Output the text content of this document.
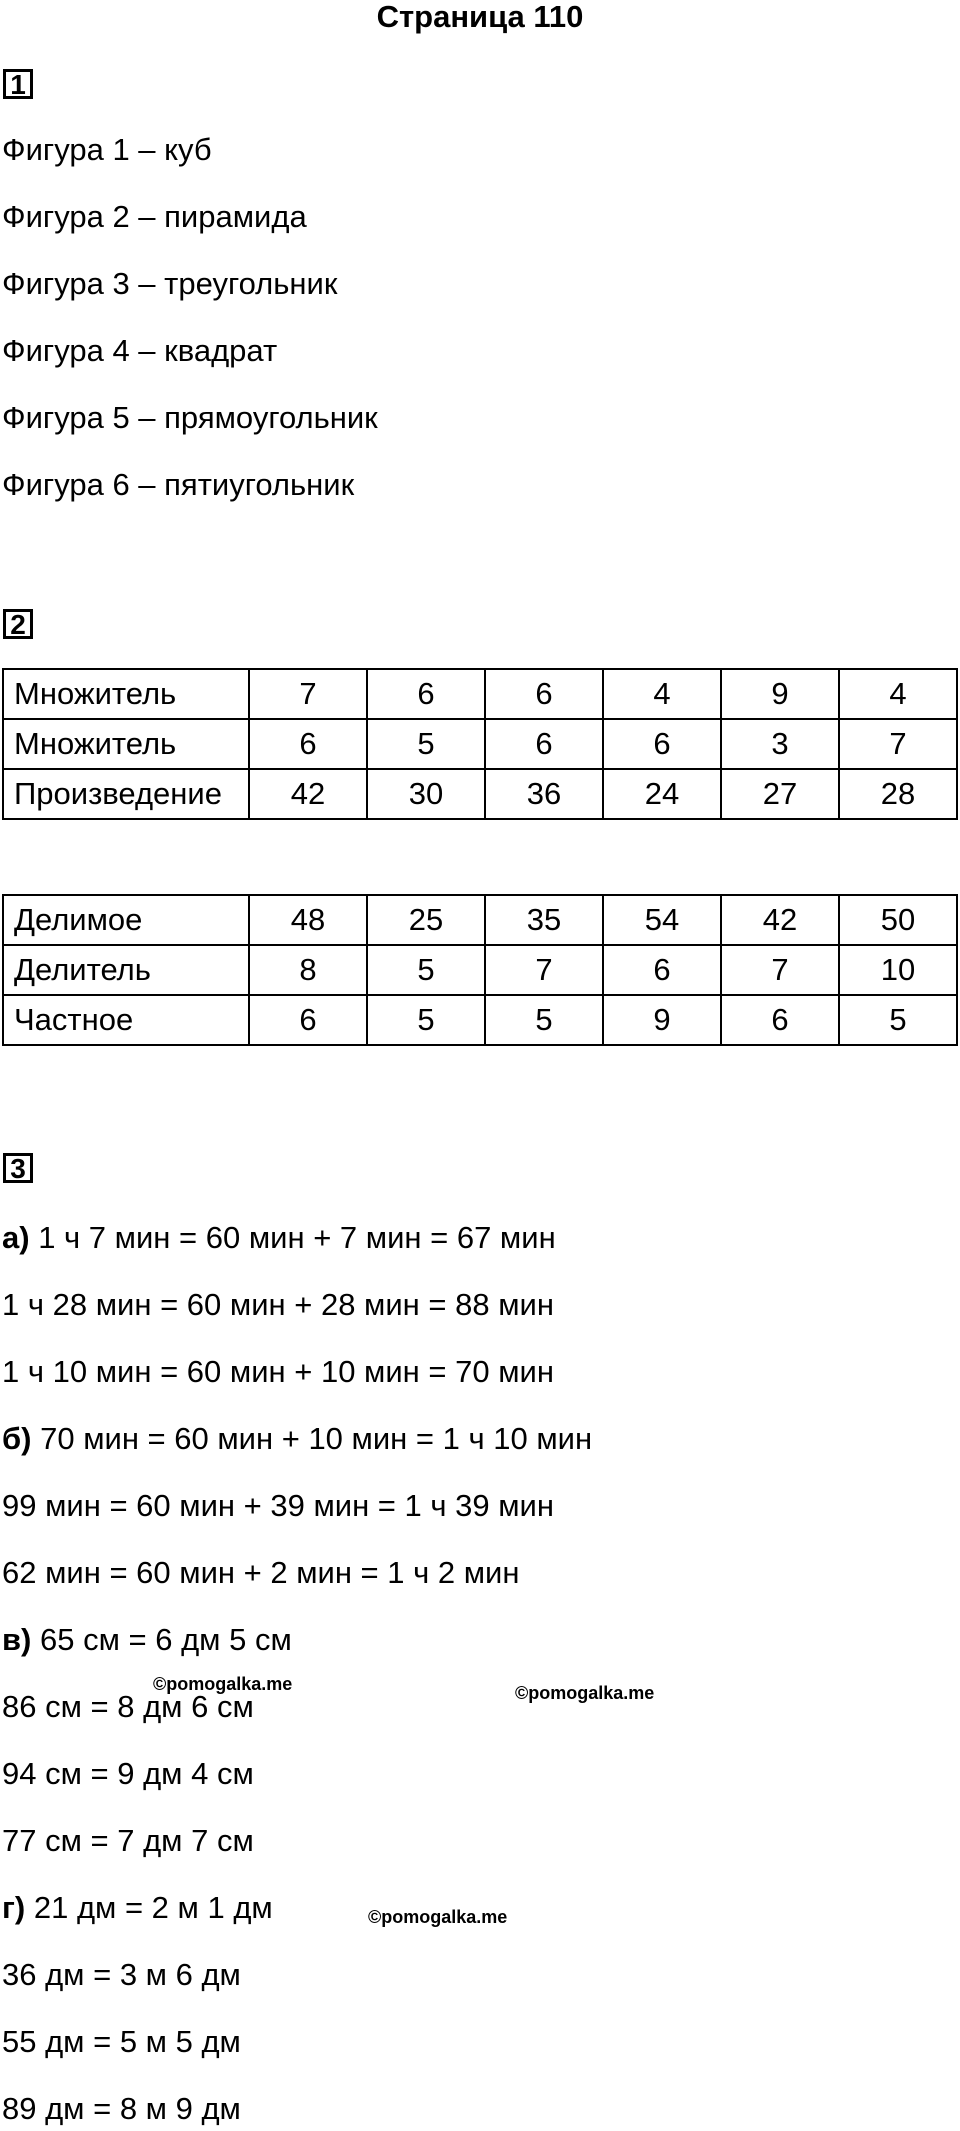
Страница 110
1
Фигура 1 – куб
Фигура 2 – пирамида
Фигура 3 – треугольник
Фигура 4 – квадрат
Фигура 5 – прямоугольник
Фигура 6 – пятиугольник
2
Множитель	7	6	6	4	9	4
Множитель	6	5	6	6	3	7
Произведение	42	30	36	24	27	28
Делимое	48	25	35	54	42	50
Делитель	8	5	7	6	7	10
Частное	6	5	5	9	6	5
3
а) 1 ч 7 мин = 60 мин + 7 мин = 67 мин
1 ч 28 мин = 60 мин + 28 мин = 88 мин
1 ч 10 мин = 60 мин + 10 мин = 70 мин
б) 70 мин = 60 мин + 10 мин = 1 ч 10 мин
99 мин = 60 мин + 39 мин = 1 ч 39 мин
62 мин = 60 мин + 2 мин = 1 ч 2 мин
в) 65 см = 6 дм 5 см
86 см = 8 дм 6 см
94 см = 9 дм 4 см
77 см = 7 дм 7 см
г) 21 дм = 2 м 1 дм
36 дм = 3 м 6 дм
55 дм = 5 м 5 дм
89 дм = 8 м 9 дм
©pomogalka.me	©pomogalka.me
©pomogalka.me
